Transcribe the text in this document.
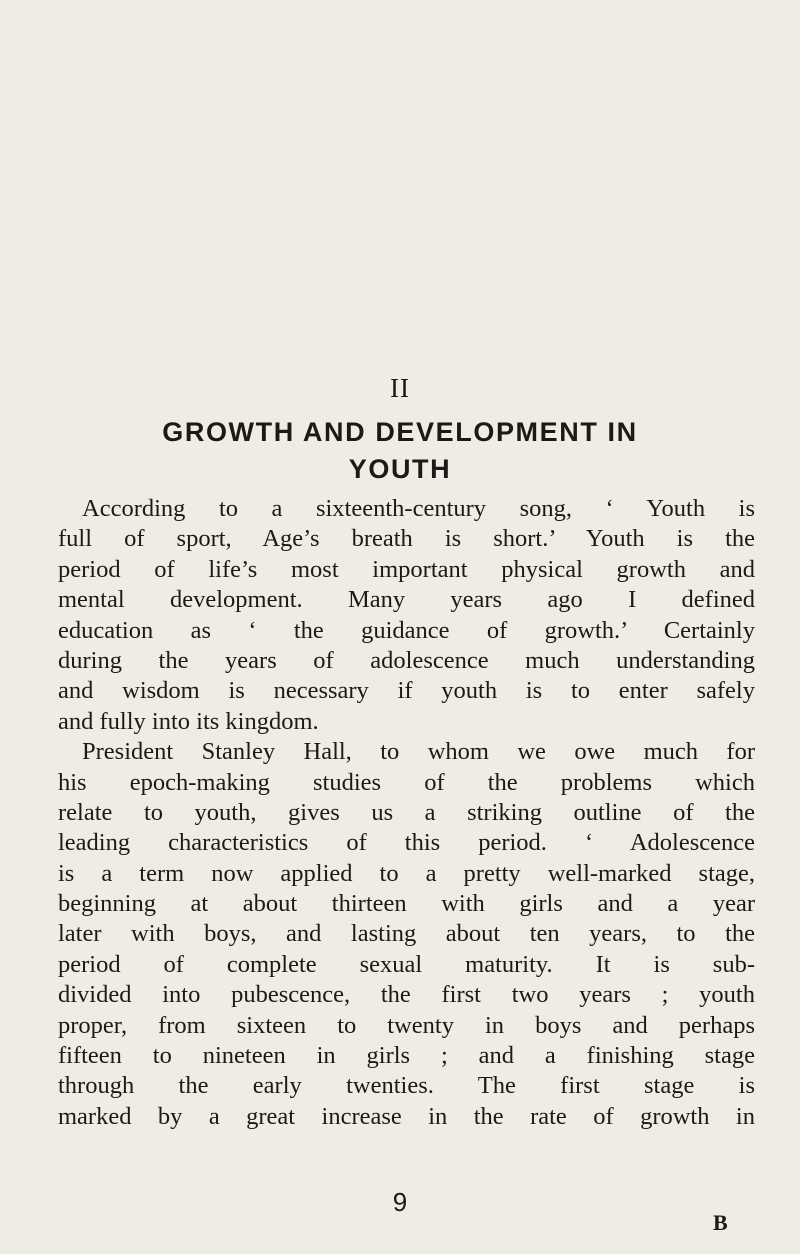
II
GROWTH AND DEVELOPMENT IN
YOUTH
According to a sixteenth-century song, ‘ Youth is
full of sport, Age’s breath is short.’ Youth is the
period of life’s most important physical growth and
mental development. Many years ago I defined
education as ‘ the guidance of growth.’ Certainly
during the years of adolescence much understanding
and wisdom is necessary if youth is to enter safely
and fully into its kingdom.
President Stanley Hall, to whom we owe much for
his epoch-making studies of the problems which
relate to youth, gives us a striking outline of the
leading characteristics of this period. ‘ Adolescence
is a term now applied to a pretty well-marked stage,
beginning at about thirteen with girls and a year
later with boys, and lasting about ten years, to the
period of complete sexual maturity. It is sub-
divided into pubescence, the first two years ; youth
proper, from sixteen to twenty in boys and perhaps
fifteen to nineteen in girls ; and a finishing stage
through the early twenties. The first stage is
marked by a great increase in the rate of growth in
9
B
